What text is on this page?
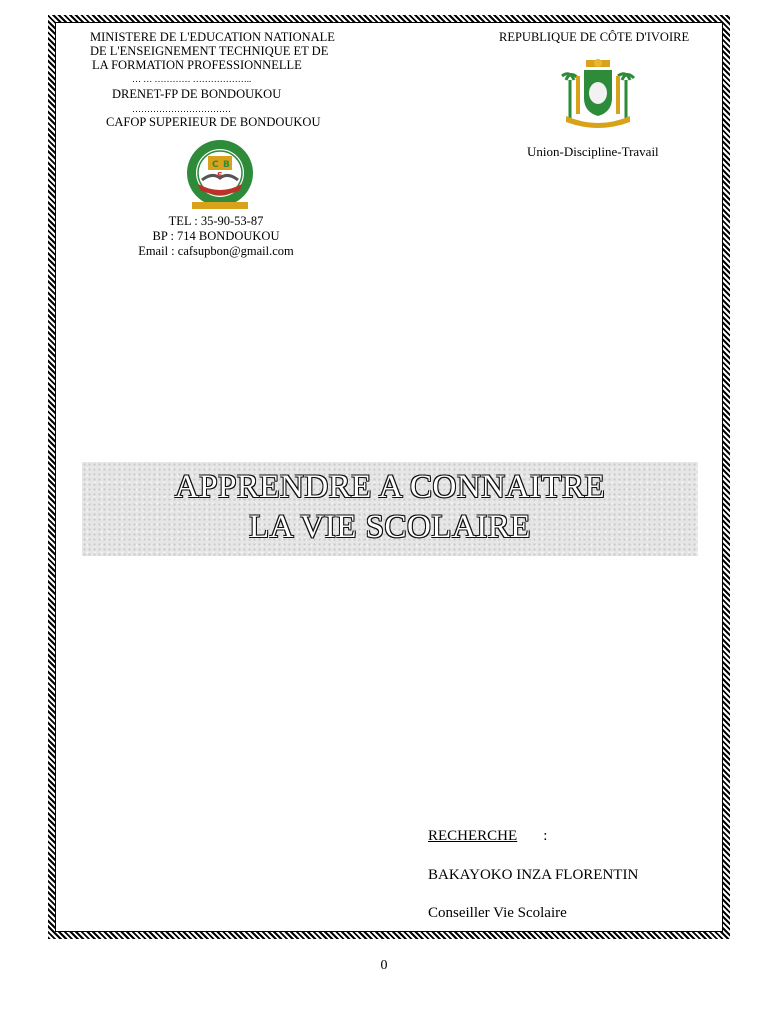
MINISTERE DE L'EDUCATION NATIONALE
DE L'ENSEIGNEMENT TECHNIQUE ET DE
LA FORMATION PROFESSIONNELLE
… … ………… ………………..
DRENET-FP DE BONDOUKOU
……………………………
CAFOP SUPERIEUR DE BONDOUKOU
REPUBLIQUE DE CÔTE D'IVOIRE
Union-Discipline-Travail
C B
S
TEL : 35-90-53-87
BP : 714 BONDOUKOU
Email : cafsupbon@gmail.com
APPRENDRE A CONNAITRE
LA VIE SCOLAIRE
RECHERCHE :
BAKAYOKO INZA FLORENTIN
Conseiller Vie Scolaire
0
